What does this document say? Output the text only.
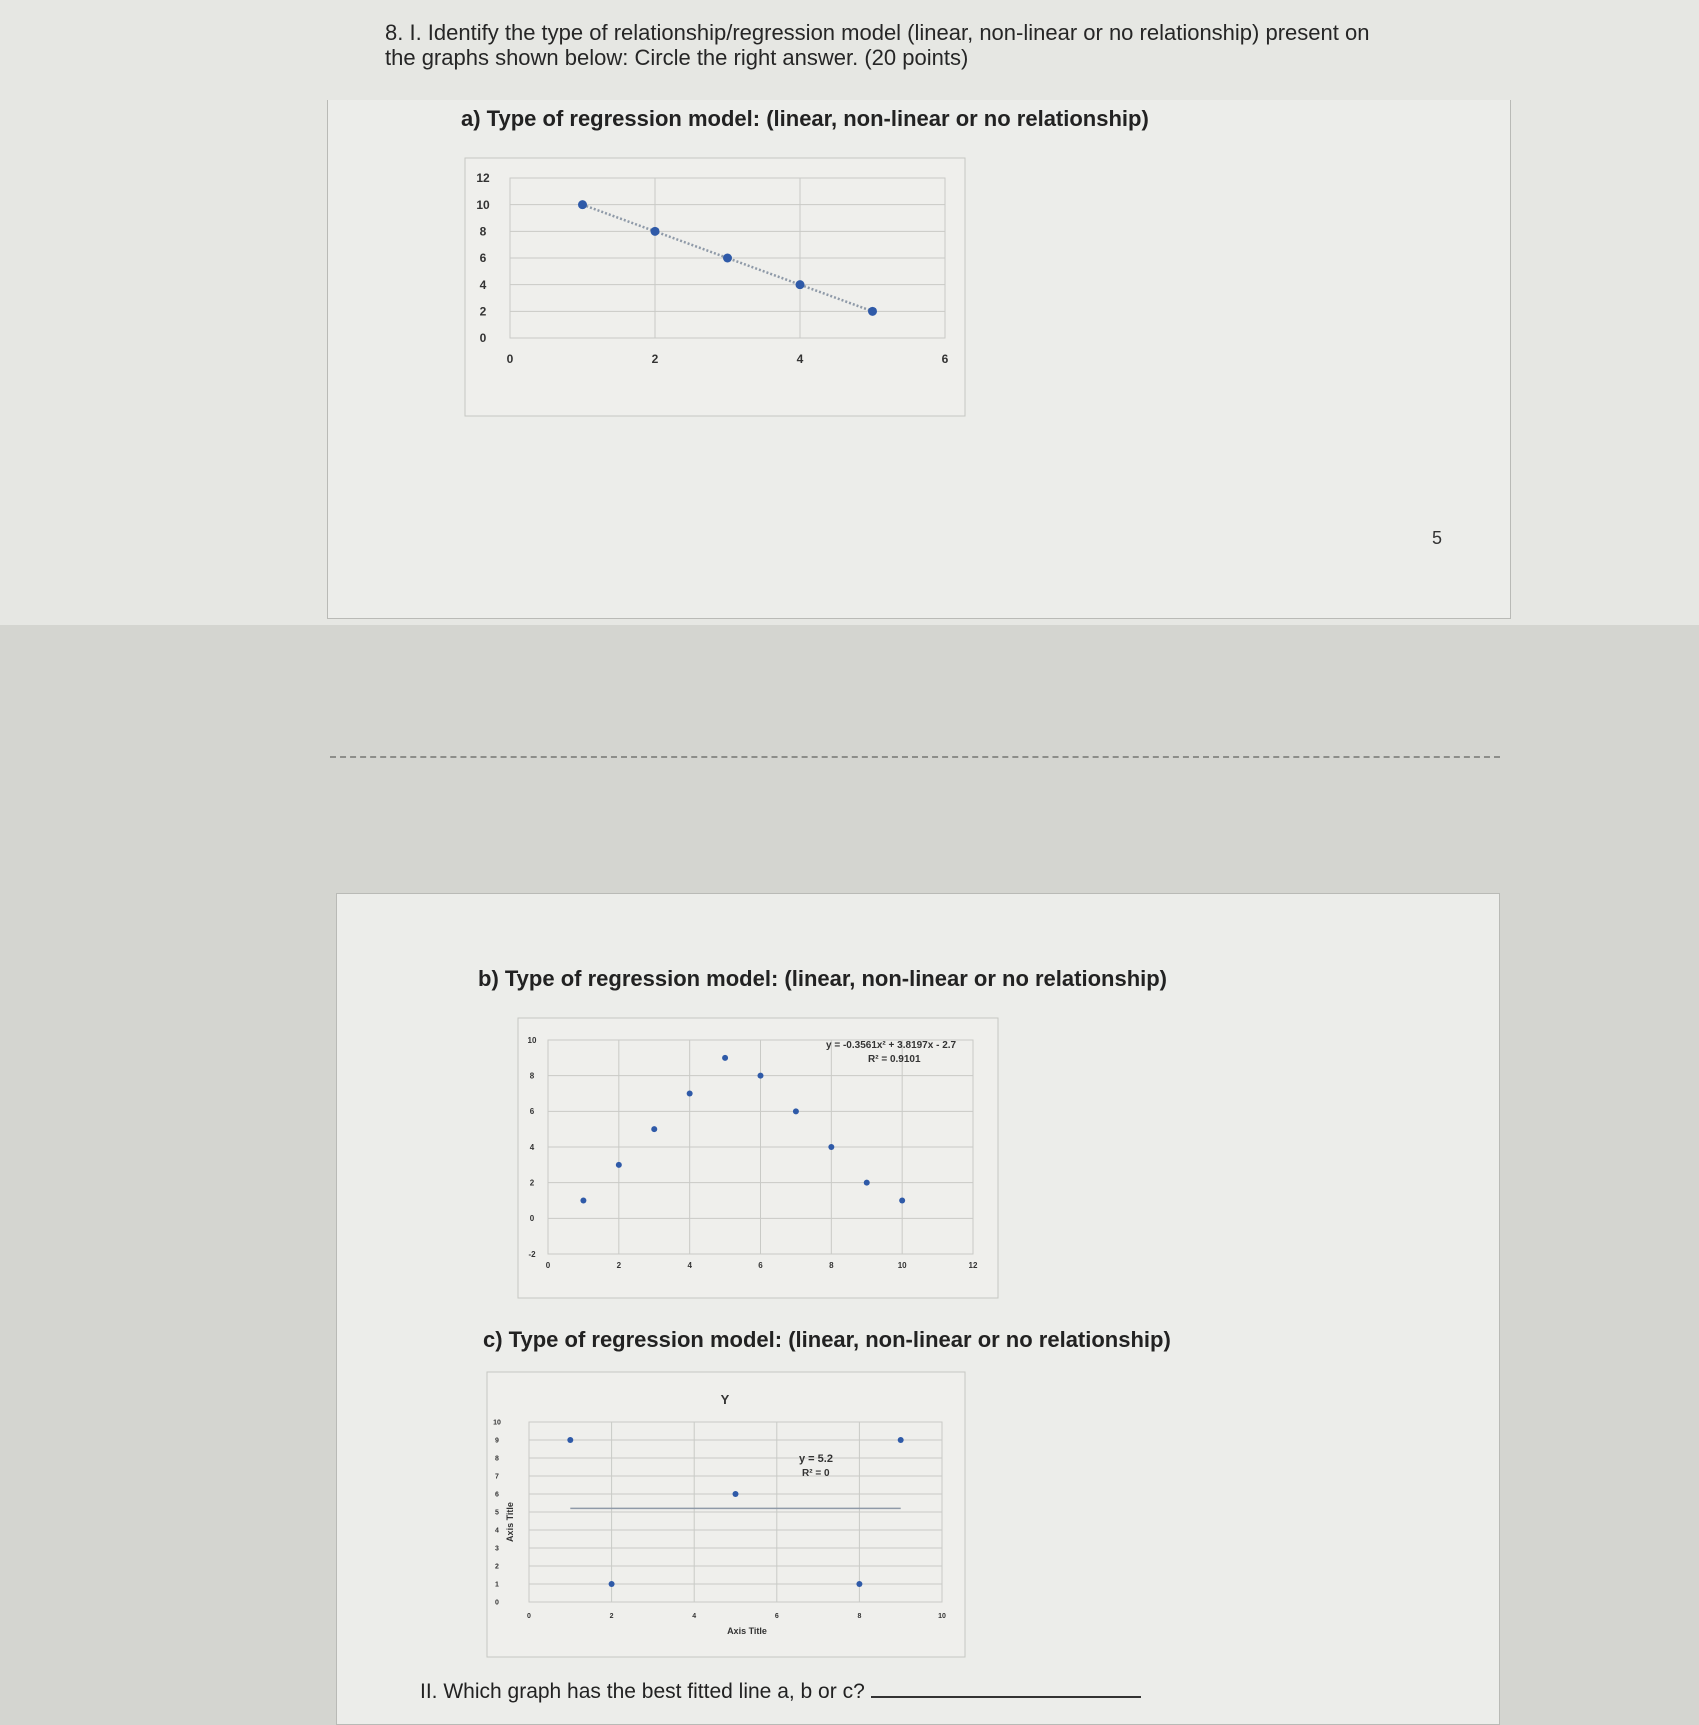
8. I. Identify the type of relationship/regression model (linear, non-linear or no relationship) present on
the graphs shown below: Circle the right answer. (20 points)
a) Type of regression model: (linear, non-linear or no relationship)
b) Type of regression model: (linear, non-linear or no relationship)
c) Type of regression model: (linear, non-linear or no relationship)
5
II. Which graph has the best fitted line a, b or c?
0	2	4	6
12
10
8
6
4
2
0
0	2	4	6	8	10	12
10
8
6
4
2
0
-2
y = -0.3561x² + 3.8197x - 2.7
R² = 0.9101
0	2	4	6	8	10
10
9
8
7
6
5
4
3
2
1
0
Y
Axis Title
Axis Title
y = 5.2
R² = 0
